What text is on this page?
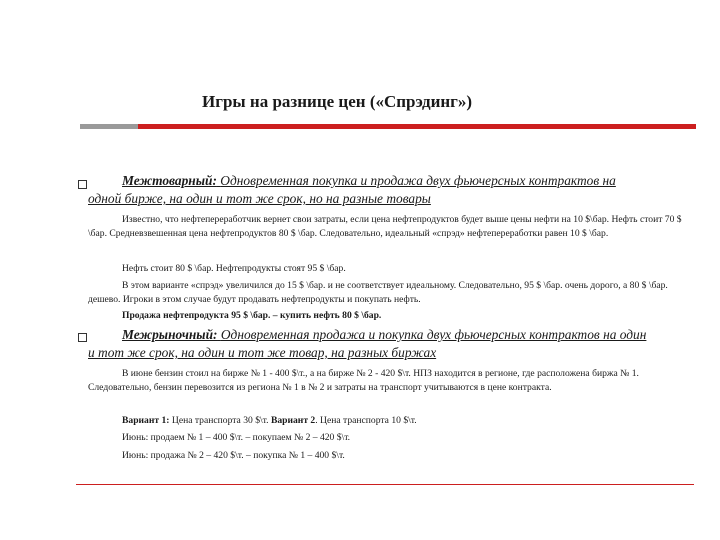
Игры на разнице цен («Спрэдинг»)
Межтоварный: Одновременная покупка и продажа двух фьючерсных контрактов на одной бирже, на один и тот же срок, но на разные товары
Известно, что нефтепереработчик вернет свои затраты, если цена нефтепродуктов будет выше цены нефти на 10 $\бар. Нефть стоит 70 $ \бар. Средневзвешенная цена нефтепродуктов 80 $ \бар. Следовательно, идеальный «спрэд» нефтепереработки равен 10 $ \бар.
Нефть стоит 80 $ \бар. Нефтепродукты стоят 95 $ \бар.
В этом варианте «спрэд» увеличился до 15 $ \бар. и не соответствует идеальному. Следовательно, 95 $ \бар. очень дорого, а 80 $ \бар. дешево. Игроки в этом случае будут продавать нефтепродукты и покупать нефть.
Продажа нефтепродукта 95 $ \бар. – купить нефть 80 $ \бар.
Межрыночный: Одновременная продажа и покупка двух фьючерсных контрактов на один и тот же срок, на один и тот же товар, на разных биржах
В июне бензин стоил на бирже № 1 - 400 $\т., а на бирже № 2 - 420 $\т. НПЗ находится в регионе, где расположена биржа № 1. Следовательно, бензин перевозится из региона № 1 в № 2 и затраты на транспорт учитываются в цене контракта.
Вариант 1: Цена транспорта 30 $\т. Вариант 2. Цена транспорта 10 $\т.
Июнь: продаем № 1 – 400 $\т. – покупаем № 2 – 420 $\т.
Июнь: продажа № 2 – 420 $\т. – покупка № 1 – 400 $\т.
